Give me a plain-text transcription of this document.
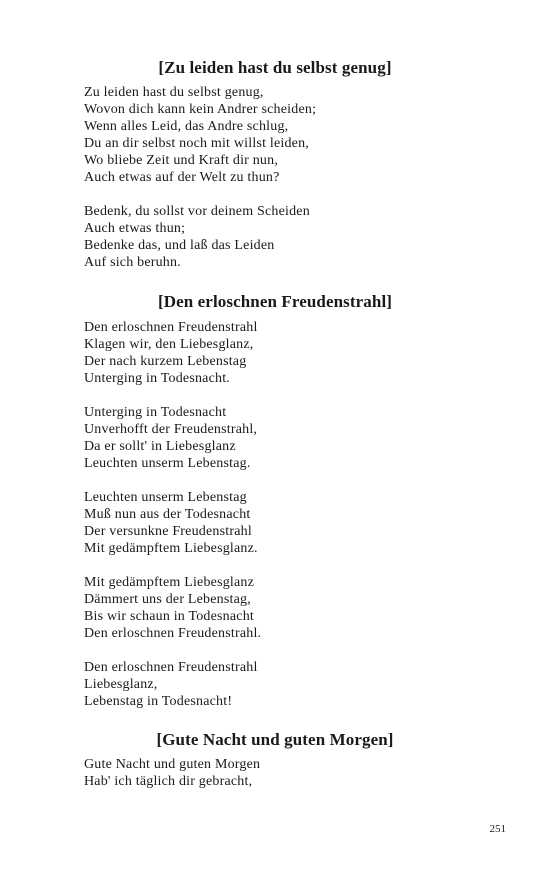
[Zu leiden hast du selbst genug]
Zu leiden hast du selbst genug,
Wovon dich kann kein Andrer scheiden;
Wenn alles Leid, das Andre schlug,
Du an dir selbst noch mit willst leiden,
Wo bliebe Zeit und Kraft dir nun,
Auch etwas auf der Welt zu thun?
Bedenk, du sollst vor deinem Scheiden
Auch etwas thun;
Bedenke das, und laß das Leiden
Auf sich beruhn.
[Den erloschnen Freudenstrahl]
Den erloschnen Freudenstrahl
Klagen wir, den Liebesglanz,
Der nach kurzem Lebenstag
Unterging in Todesnacht.
Unterging in Todesnacht
Unverhofft der Freudenstrahl,
Da er sollt' in Liebesglanz
Leuchten unserm Lebenstag.
Leuchten unserm Lebenstag
Muß nun aus der Todesnacht
Der versunkne Freudenstrahl
Mit gedämpftem Liebesglanz.
Mit gedämpftem Liebesglanz
Dämmert uns der Lebenstag,
Bis wir schaun in Todesnacht
Den erloschnen Freudenstrahl.
Den erloschnen Freudenstrahl
Liebesglanz,
Lebenstag in Todesnacht!
[Gute Nacht und guten Morgen]
Gute Nacht und guten Morgen
Hab' ich täglich dir gebracht,
251
